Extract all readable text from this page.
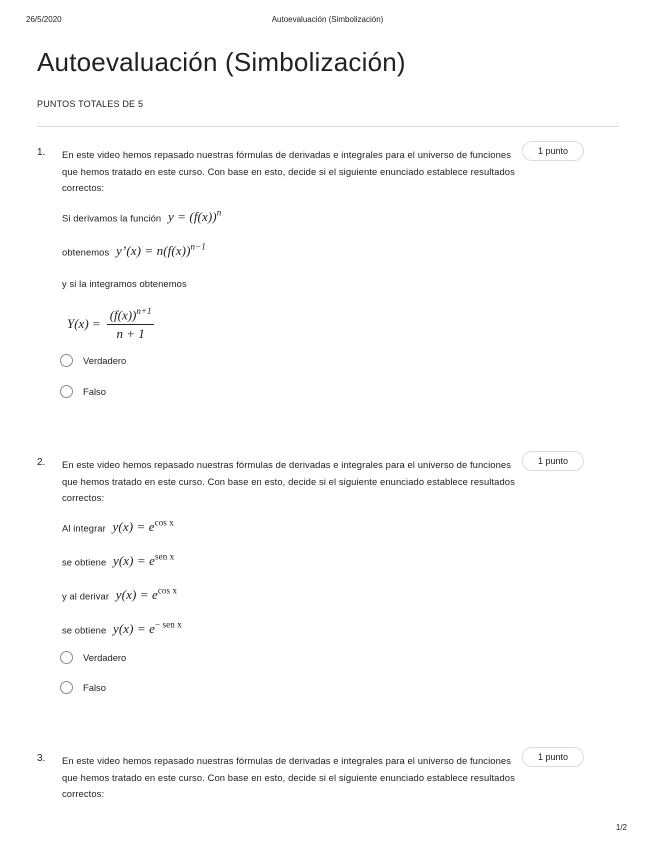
26/5/2020	Autoevaluación (Simbolización)
Autoevaluación (Simbolización)
PUNTOS TOTALES DE 5
1. En este video hemos repasado nuestras fórmulas de derivadas e integrales para el universo de funciones que hemos tratado en este curso. Con base en esto, decide si el siguiente enunciado establece resultados correctos:
1 punto
Si derivamos la función $y = (f(x))^n$
obtenemos y’(x) = $n(f(x))^{n-1}$
y si la integramos obtenemos
$Y(x) = \frac{(f(x))^{n+1}}{n + 1}$
Verdadero
Falso
2. En este video hemos repasado nuestras fórmulas de derivadas e integrales para el universo de funciones que hemos tratado en este curso. Con base en esto, decide si el siguiente enunciado establece resultados correctos:
1 punto
Al integrar $y(x) = e^{cos x}$
se obtiene $y(x) = e^{sen x}$
y al derivar $y(x) = e^{cos x}$
se obtiene $y(x) = e^{- sen x}$
Verdadero
Falso
3. En este video hemos repasado nuestras fórmulas de derivadas e integrales para el universo de funciones que hemos tratado en este curso. Con base en esto, decide si el siguiente enunciado establece resultados correctos:
1 punto
1/2
